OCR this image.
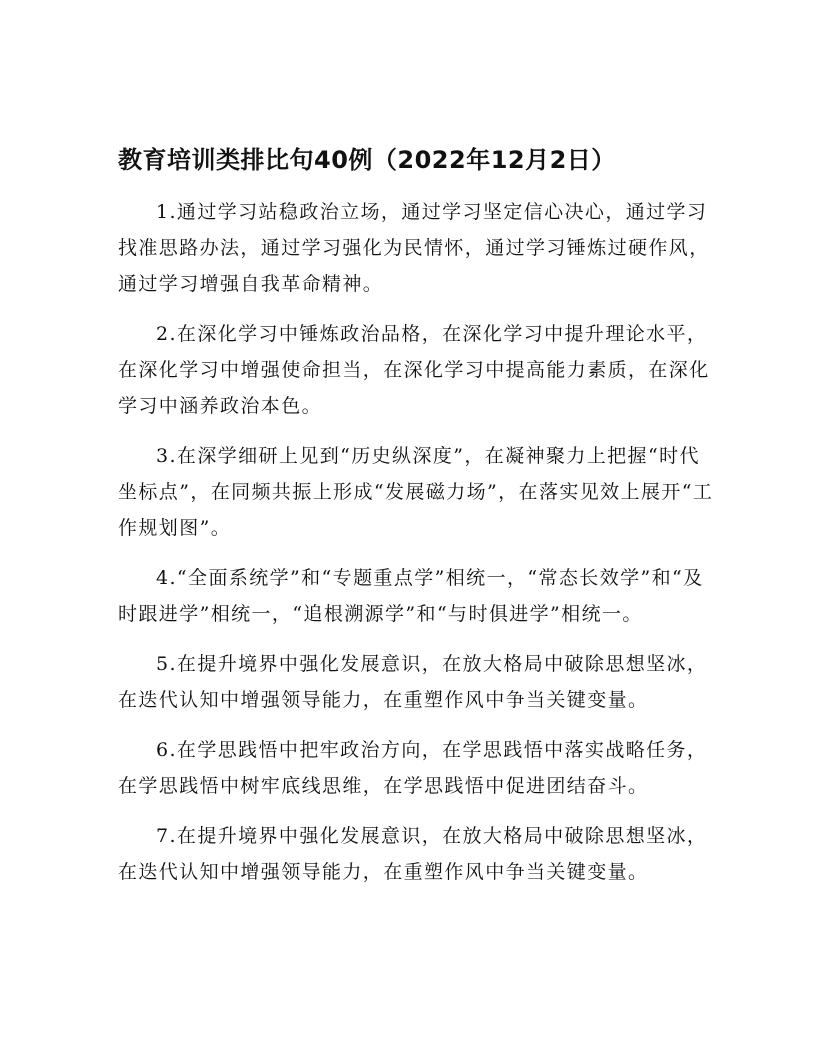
教育培训类排比句40例（2022年12月2日）

1.通过学习站稳政治立场，通过学习坚定信心决心，通过学习找准思路办法，通过学习强化为民情怀，通过学习锤炼过硬作风，通过学习增强自我革命精神。

2.在深化学习中锤炼政治品格，在深化学习中提升理论水平，在深化学习中增强使命担当，在深化学习中提高能力素质，在深化学习中涵养政治本色。

3.在深学细研上见到“历史纵深度”，在凝神聚力上把握“时代坐标点”，在同频共振上形成“发展磁力场”，在落实见效上展开“工作规划图”。

4.“全面系统学”和“专题重点学”相统一，“常态长效学”和“及时跟进学”相统一，“追根溯源学”和“与时俱进学”相统一。

5.在提升境界中强化发展意识，在放大格局中破除思想坚冰，在迭代认知中增强领导能力，在重塑作风中争当关键变量。

6.在学思践悟中把牢政治方向，在学思践悟中落实战略任务，在学思践悟中树牢底线思维，在学思践悟中促进团结奋斗。

7.在提升境界中强化发展意识，在放大格局中破除思想坚冰，在迭代认知中增强领导能力，在重塑作风中争当关键变量。
